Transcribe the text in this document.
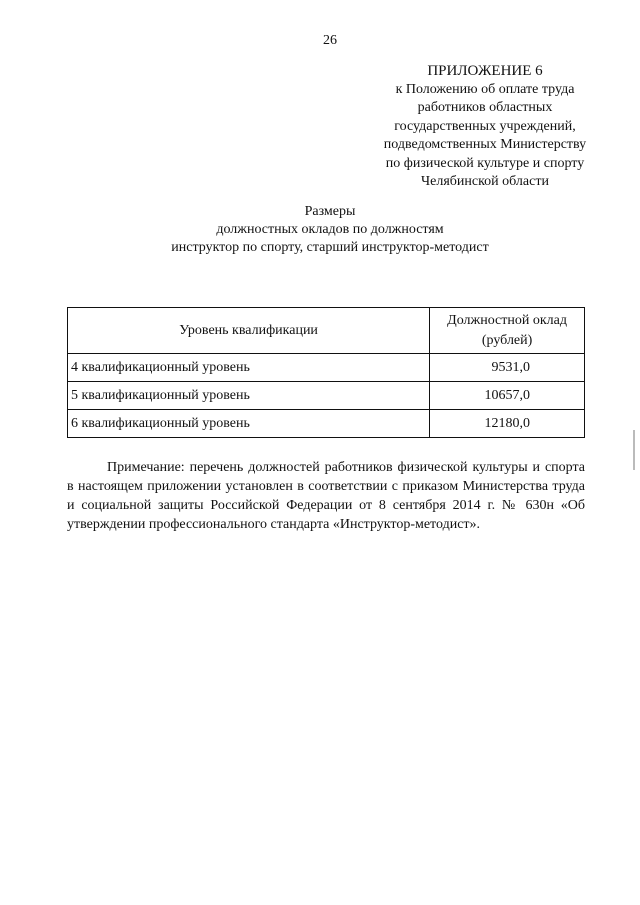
26
ПРИЛОЖЕНИЕ 6
к Положению об оплате труда
работников областных
государственных учреждений,
подведомственных Министерству
по физической культуре и спорту
Челябинской области
Размеры
должностных окладов по должностям
инструктор по спорту, старший инструктор-методист
Уровень квалификации	Должностной оклад (рублей)
4 квалификационный уровень	9531,0
5 квалификационный уровень	10657,0
6 квалификационный уровень	12180,0
Примечание: перечень должностей работников физической культуры и спорта в настоящем приложении установлен в соответствии с приказом Министерства труда и социальной защиты Российской Федерации от 8 сентября 2014 г. № 630н «Об утверждении профессионального стандарта «Инструктор-методист».
